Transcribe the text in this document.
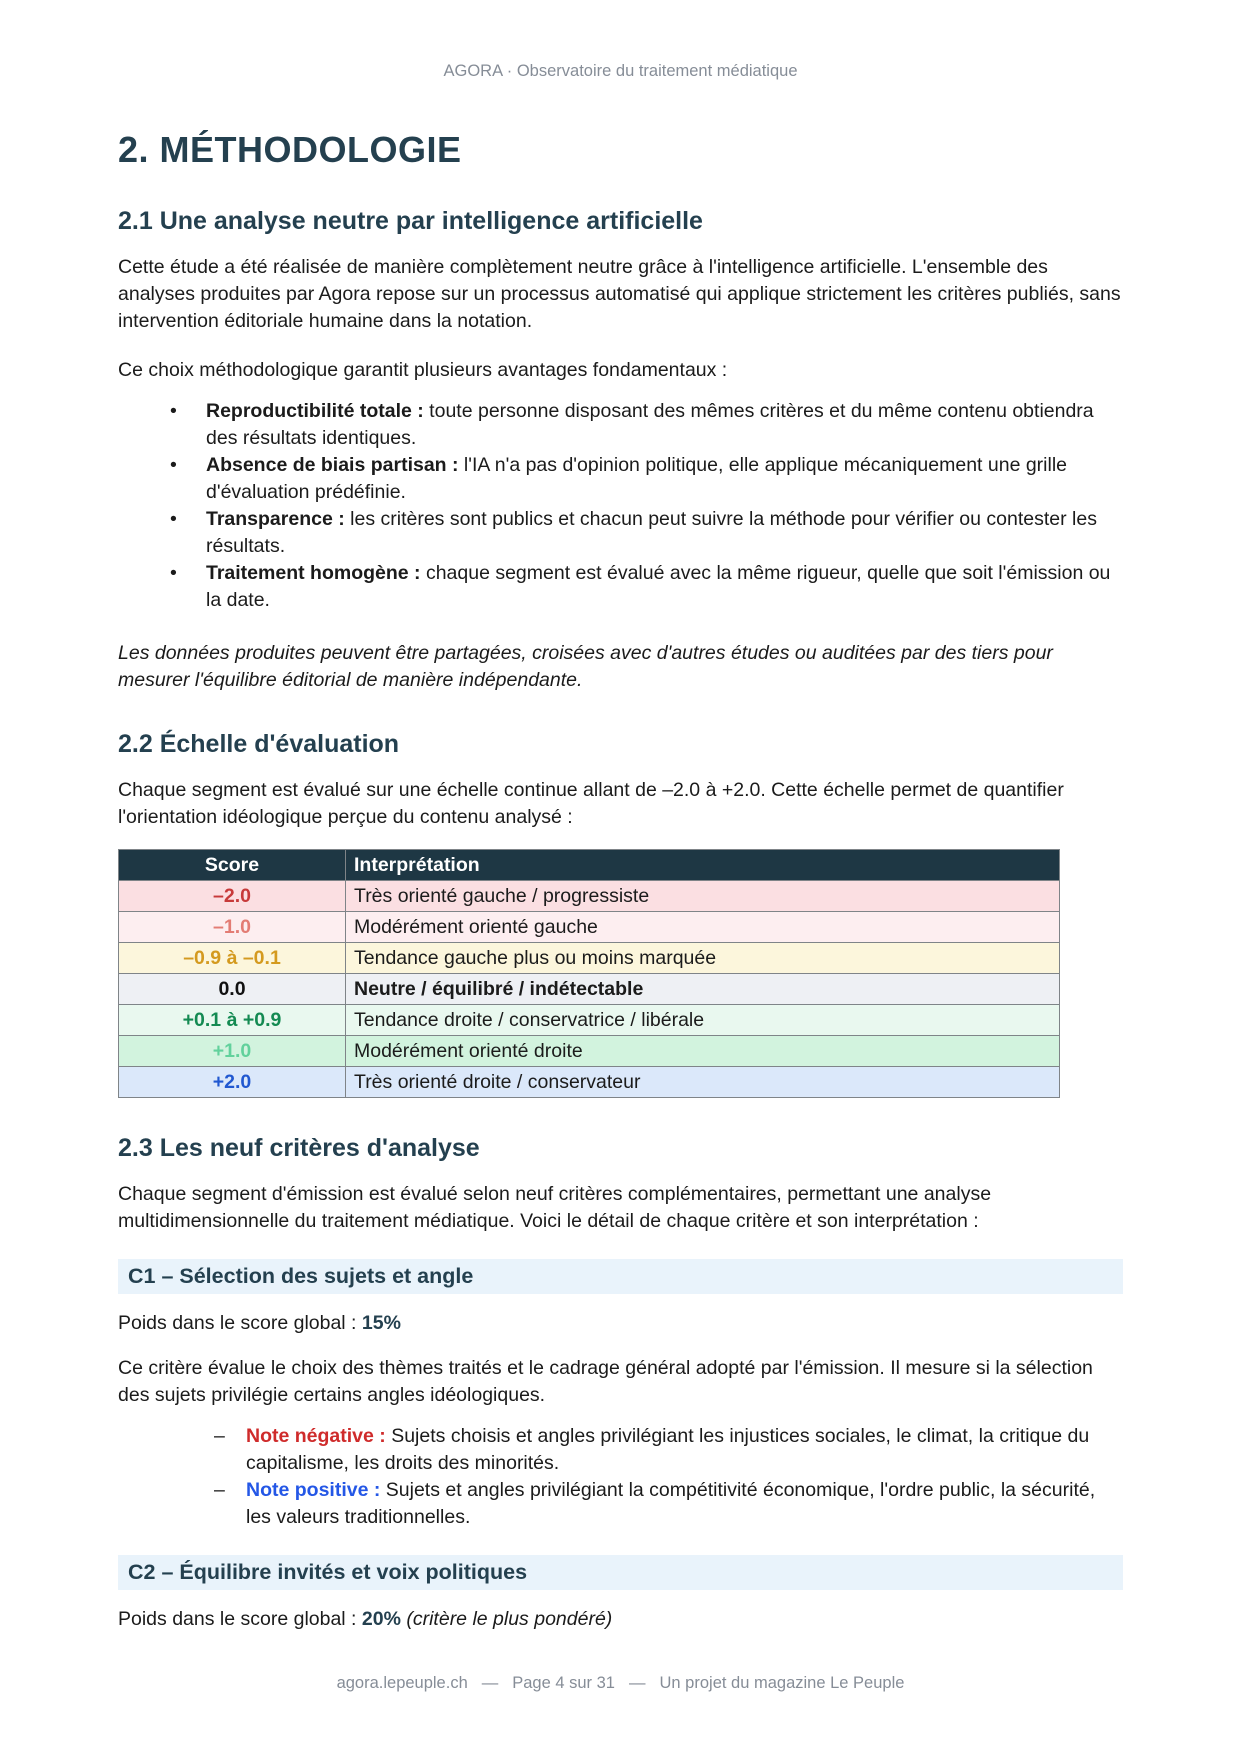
AGORA · Observatoire du traitement médiatique
2. MÉTHODOLOGIE
2.1 Une analyse neutre par intelligence artificielle

Cette étude a été réalisée de manière complètement neutre grâce à l'intelligence artificielle. L'ensemble des analyses produites par Agora repose sur un processus automatisé qui applique strictement les critères publiés, sans intervention éditoriale humaine dans la notation.

Ce choix méthodologique garantit plusieurs avantages fondamentaux :

• Reproductibilité totale : toute personne disposant des mêmes critères et du même contenu obtiendra des résultats identiques.
• Absence de biais partisan : l'IA n'a pas d'opinion politique, elle applique mécaniquement une grille d'évaluation prédéfinie.
• Transparence : les critères sont publics et chacun peut suivre la méthode pour vérifier ou contester les résultats.
• Traitement homogène : chaque segment est évalué avec la même rigueur, quelle que soit l'émission ou la date.

Les données produites peuvent être partagées, croisées avec d'autres études ou auditées par des tiers pour mesurer l'équilibre éditorial de manière indépendante.

2.2 Échelle d'évaluation

Chaque segment est évalué sur une échelle continue allant de –2.0 à +2.0. Cette échelle permet de quantifier l'orientation idéologique perçue du contenu analysé :

Score	Interprétation
–2.0	Très orienté gauche / progressiste
–1.0	Modérément orienté gauche
–0.9 à –0.1	Tendance gauche plus ou moins marquée
0.0	Neutre / équilibré / indétectable
+0.1 à +0.9	Tendance droite / conservatrice / libérale
+1.0	Modérément orienté droite
+2.0	Très orienté droite / conservateur
2.3 Les neuf critères d'analyse

Chaque segment d'émission est évalué selon neuf critères complémentaires, permettant une analyse multidimensionnelle du traitement médiatique. Voici le détail de chaque critère et son interprétation :

C1 – Sélection des sujets et angle

Poids dans le score global : 15%

Ce critère évalue le choix des thèmes traités et le cadrage général adopté par l'émission. Il mesure si la sélection des sujets privilégie certains angles idéologiques.

– Note négative : Sujets choisis et angles privilégiant les injustices sociales, le climat, la critique du capitalisme, les droits des minorités.
– Note positive : Sujets et angles privilégiant la compétitivité économique, l'ordre public, la sécurité, les valeurs traditionnelles.
C2 – Équilibre invités et voix politiques

Poids dans le score global : 20% (critère le plus pondéré)

agora.lepeuple.ch — Page 4 sur 31 — Un projet du magazine Le Peuple
